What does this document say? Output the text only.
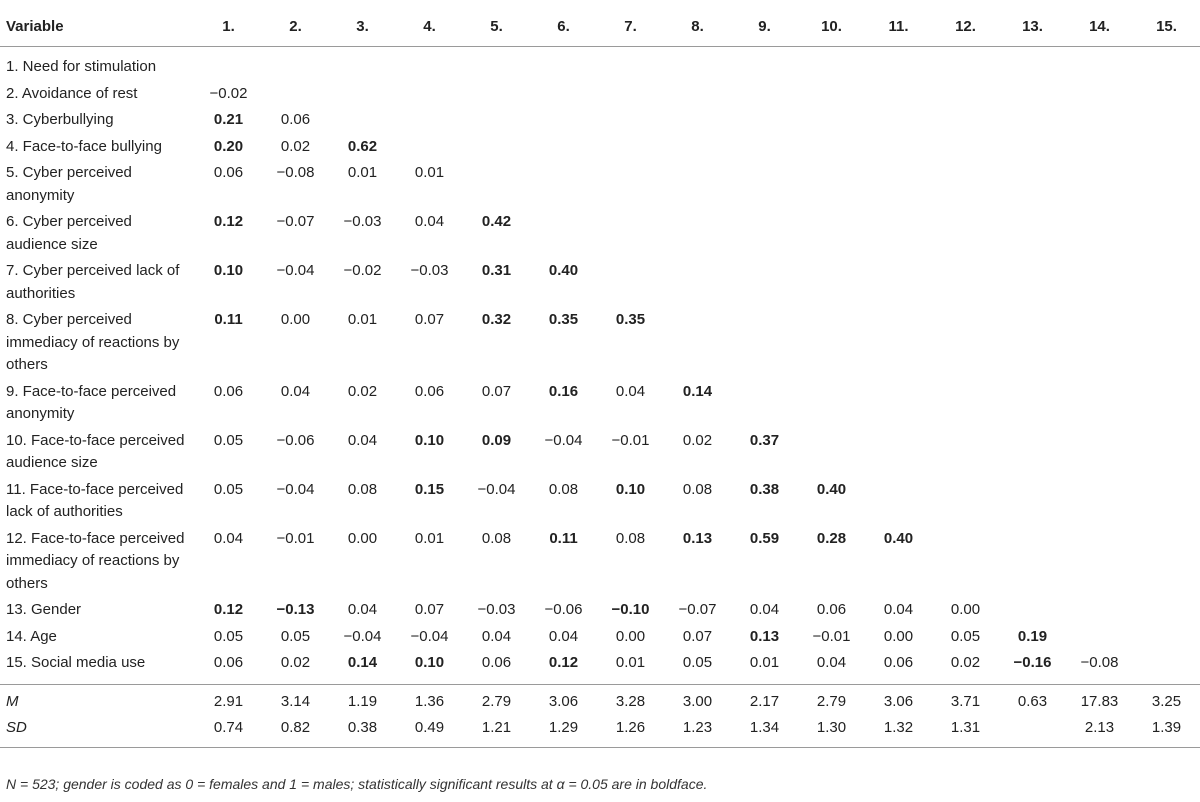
Variable	1.	2.	3.	4.	5.	6.	7.	8.	9.	10.	11.	12.	13.	14.	15.
1. Need for stimulation															
2. Avoidance of rest	−0.02														
3. Cyberbullying	0.21	0.06													
4. Face-to-face bullying	0.20	0.02	0.62												
5. Cyber perceived anonymity	0.06	−0.08	0.01	0.01											
6. Cyber perceived audience size	0.12	−0.07	−0.03	0.04	0.42										
7. Cyber perceived lack of authorities	0.10	−0.04	−0.02	−0.03	0.31	0.40									
8. Cyber perceived immediacy of reactions by others	0.11	0.00	0.01	0.07	0.32	0.35	0.35								
9. Face-to-face perceived anonymity	0.06	0.04	0.02	0.06	0.07	0.16	0.04	0.14							
10. Face-to-face perceived audience size	0.05	−0.06	0.04	0.10	0.09	−0.04	−0.01	0.02	0.37						
11. Face-to-face perceived lack of authorities	0.05	−0.04	0.08	0.15	−0.04	0.08	0.10	0.08	0.38	0.40					
12. Face-to-face perceived immediacy of reactions by others	0.04	−0.01	0.00	0.01	0.08	0.11	0.08	0.13	0.59	0.28	0.40				
13. Gender	0.12	−0.13	0.04	0.07	−0.03	−0.06	−0.10	−0.07	0.04	0.06	0.04	0.00			
14. Age	0.05	0.05	−0.04	−0.04	0.04	0.04	0.00	0.07	0.13	−0.01	0.00	0.05	0.19		
15. Social media use	0.06	0.02	0.14	0.10	0.06	0.12	0.01	0.05	0.01	0.04	0.06	0.02	−0.16	−0.08	
M	2.91	3.14	1.19	1.36	2.79	3.06	3.28	3.00	2.17	2.79	3.06	3.71	0.63	17.83	3.25
SD	0.74	0.82	0.38	0.49	1.21	1.29	1.26	1.23	1.34	1.30	1.32	1.31		2.13	1.39
N = 523; gender is coded as 0 = females and 1 = males; statistically significant results at α = 0.05 are in boldface.
